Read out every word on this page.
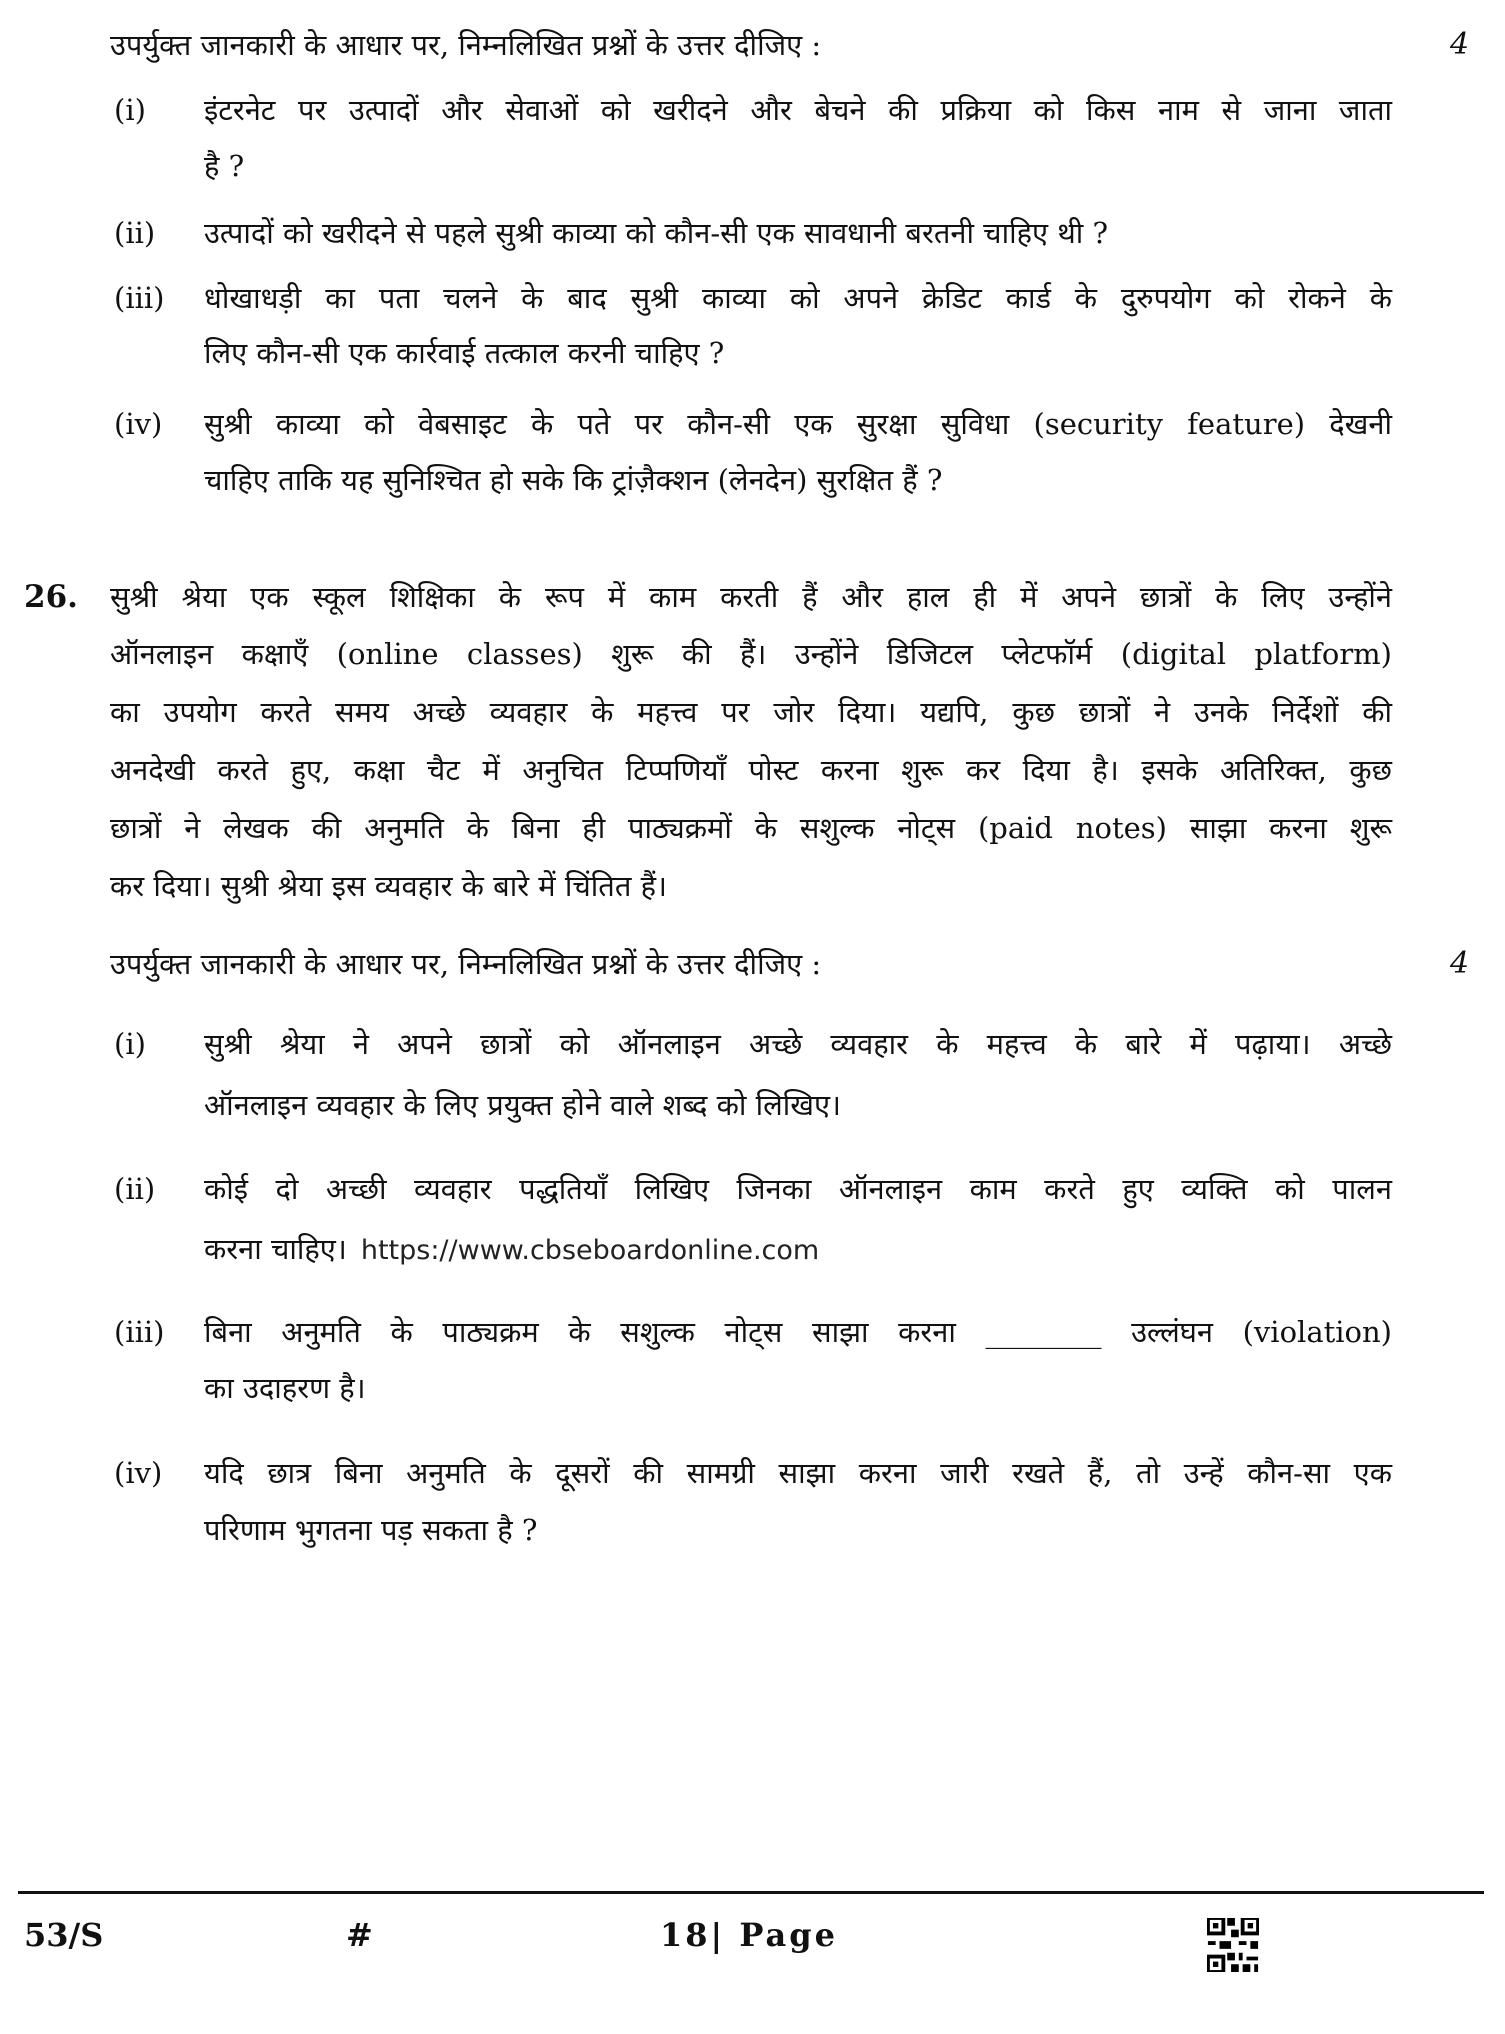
उपर्युक्त जानकारी के आधार पर, निम्नलिखित प्रश्नों के उत्तर दीजिए :	4
(i) इंटरनेट पर उत्पादों और सेवाओं को खरीदने और बेचने की प्रक्रिया को किस नाम से जाना जाता
है ?
(ii) उत्पादों को खरीदने से पहले सुश्री काव्या को कौन-सी एक सावधानी बरतनी चाहिए थी ?
(iii) धोखाधड़ी का पता चलने के बाद सुश्री काव्या को अपने क्रेडिट कार्ड के दुरुपयोग को रोकने के
लिए कौन-सी एक कार्रवाई तत्काल करनी चाहिए ?
(iv) सुश्री काव्या को वेबसाइट के पते पर कौन-सी एक सुरक्षा सुविधा (security feature) देखनी
चाहिए ताकि यह सुनिश्चित हो सके कि ट्रांज़ैक्शन (लेनदेन) सुरक्षित हैं ?
26. सुश्री श्रेया एक स्कूल शिक्षिका के रूप में काम करती हैं और हाल ही में अपने छात्रों के लिए उन्होंने
ऑनलाइन कक्षाएँ (online classes) शुरू की हैं। उन्होंने डिजिटल प्लेटफॉर्म (digital platform)
का उपयोग करते समय अच्छे व्यवहार के महत्त्व पर जोर दिया। यद्यपि, कुछ छात्रों ने उनके निर्देशों की
अनदेखी करते हुए, कक्षा चैट में अनुचित टिप्पणियाँ पोस्ट करना शुरू कर दिया है। इसके अतिरिक्त, कुछ
छात्रों ने लेखक की अनुमति के बिना ही पाठ्यक्रमों के सशुल्क नोट्स (paid notes) साझा करना शुरू
कर दिया। सुश्री श्रेया इस व्यवहार के बारे में चिंतित हैं।
उपर्युक्त जानकारी के आधार पर, निम्नलिखित प्रश्नों के उत्तर दीजिए :	4
(i) सुश्री श्रेया ने अपने छात्रों को ऑनलाइन अच्छे व्यवहार के महत्त्व के बारे में पढ़ाया। अच्छे
ऑनलाइन व्यवहार के लिए प्रयुक्त होने वाले शब्द को लिखिए।
(ii) कोई दो अच्छी व्यवहार पद्धतियाँ लिखिए जिनका ऑनलाइन काम करते हुए व्यक्ति को पालन
करना चाहिए। https://www.cbseboardonline.com
(iii) बिना अनुमति के पाठ्यक्रम के सशुल्क नोट्स साझा करना ________ उल्लंघन (violation)
का उदाहरण है।
(iv) यदि छात्र बिना अनुमति के दूसरों की सामग्री साझा करना जारी रखते हैं, तो उन्हें कौन-सा एक
परिणाम भुगतना पड़ सकता है ?
53/S	#	18| Page
